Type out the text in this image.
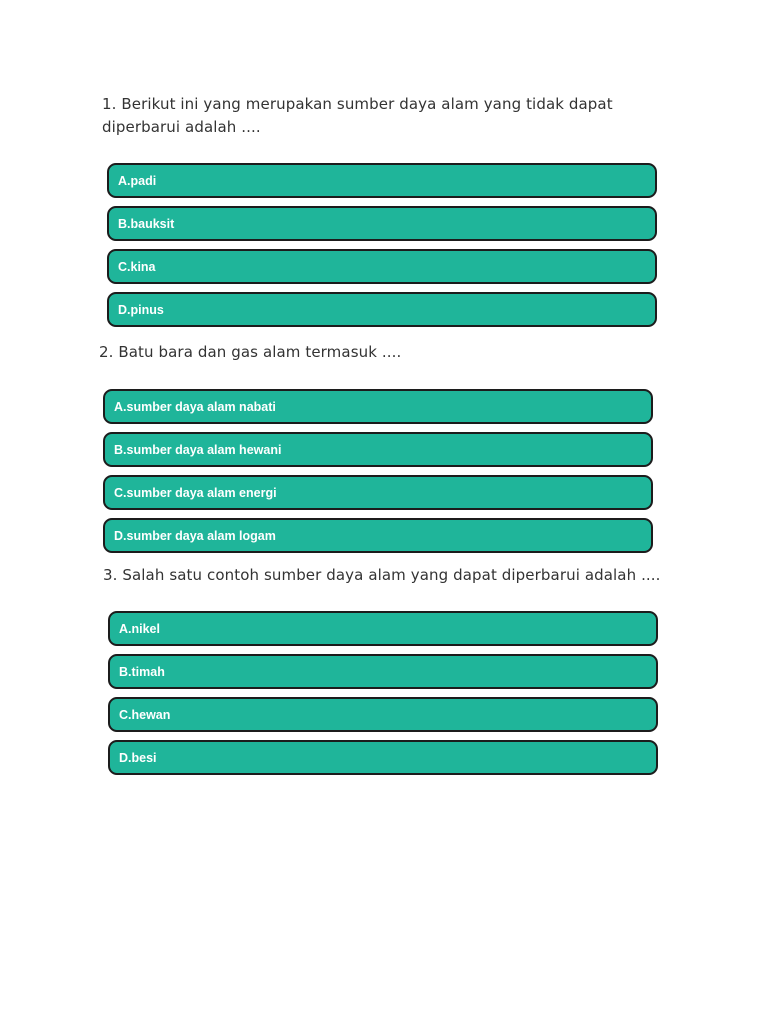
1. Berikut ini yang merupakan sumber daya alam yang tidak dapat diperbarui adalah ....
A.padi
B.bauksit
C.kina
D.pinus
2. Batu bara dan gas alam termasuk ....
A.sumber daya alam nabati
B.sumber daya alam hewani
C.sumber daya alam energi
D.sumber daya alam logam
3. Salah satu contoh sumber daya alam yang dapat diperbarui adalah ....
A.nikel
B.timah
C.hewan
D.besi
